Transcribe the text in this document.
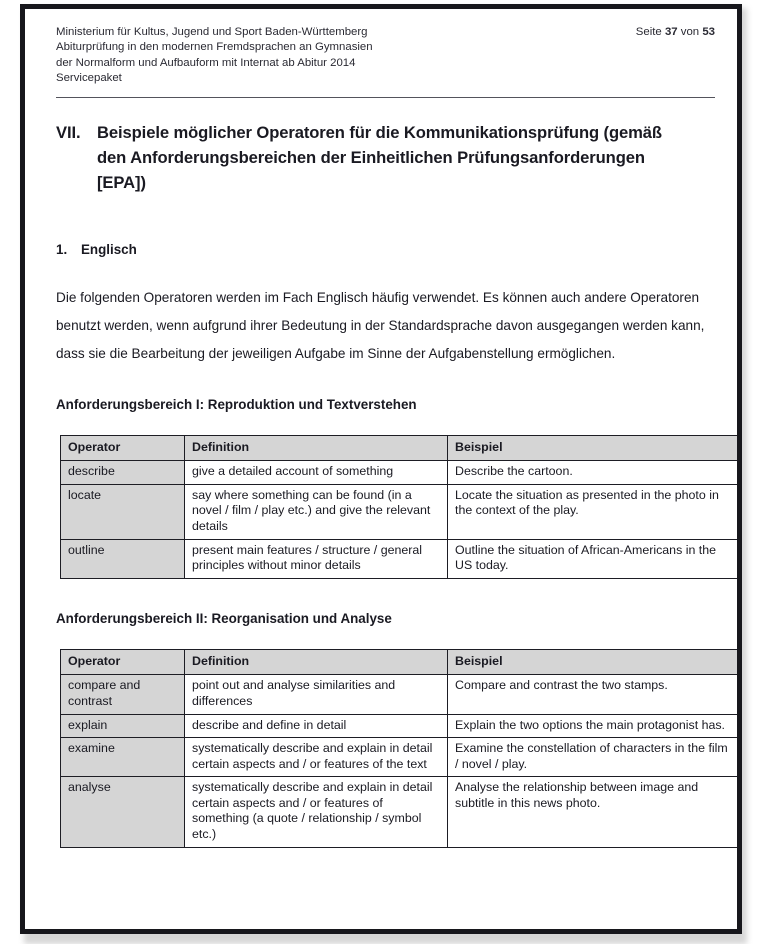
Ministerium für Kultus, Jugend und Sport Baden-Württemberg
Abiturprüfung in den modernen Fremdsprachen an Gymnasien
der Normalform und Aufbauform mit Internat ab Abitur 2014
Servicepaket
Seite 37 von 53
VII. Beispiele möglicher Operatoren für die Kommunikationsprüfung (gemäß den Anforderungsbereichen der Einheitlichen Prüfungsanforderungen [EPA])
1.	Englisch

Die folgenden Operatoren werden im Fach Englisch häufig verwendet. Es können auch andere Operatoren benutzt werden, wenn aufgrund ihrer Bedeutung in der Standardsprache davon ausgegangen werden kann, dass sie die Bearbeitung der jeweiligen Aufgabe im Sinne der Aufgabenstellung ermöglichen.

Anforderungsbereich I: Reproduktion und Textverstehen
Operator	Definition	Beispiel
describe	give a detailed account of something	Describe the cartoon.
locate	say where something can be found (in a novel / film / play etc.) and give the relevant details	Locate the situation as presented in the photo in the context of the play.
outline	present main features / structure / general principles without minor details	Outline the situation of African-Americans in the US today.
Anforderungsbereich II: Reorganisation und Analyse
Operator	Definition	Beispiel
compare and contrast	point out and analyse similarities and differences	Compare and contrast the two stamps.
explain	describe and define in detail	Explain the two options the main protagonist has.
examine	systematically describe and explain in detail certain aspects and / or features of the text	Examine the constellation of characters in the film / novel / play.
analyse	systematically describe and explain in detail certain aspects and / or features of something (a quote / relationship / symbol etc.)	Analyse the relationship between image and subtitle in this news photo.
